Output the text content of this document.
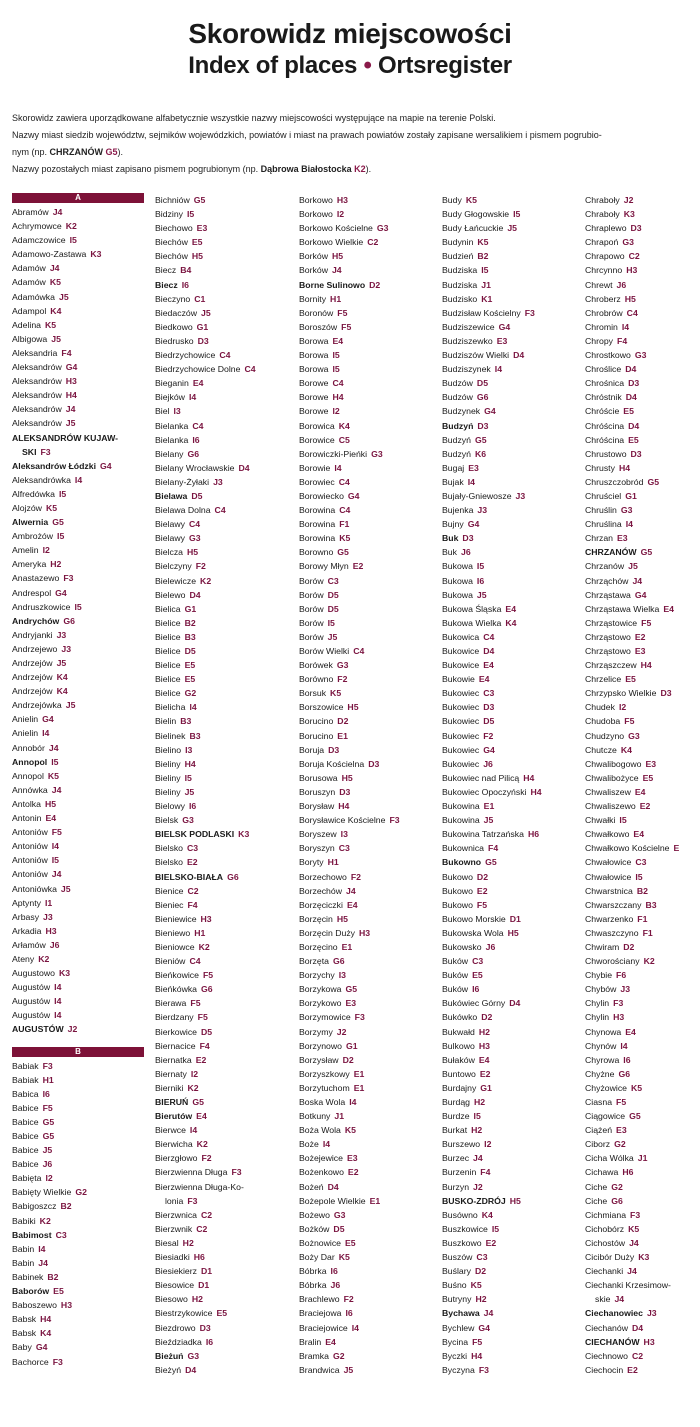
Skorowidz miejscowości
Index of places • Ortsregister
Skorowidz zawiera uporządkowane alfabetycznie wszystkie nazwy miejscowości występujące na mapie na terenie Polski.
Nazwy miast siedzib województw, sejmików wojewódzkich, powiatów i miast na prawach powiatów zostały zapisane wersalikiem i pismem pogrubio-
nym (np. CHRZANÓW G5).
Nazwy pozostałych miast zapisano pismem pogrubionym (np. Dąbrowa Białostocka K2).
A
Abramów J4
Achrymowce K2
Adamczowice I5
Adamowo-Zastawa K3
Adamów J4
Adamów K5
Adamówka J5
Adampol K4
Adelina K5
Albigowa J5
Aleksandria F4
Aleksandrów G4
Aleksandrów H3
Aleksandrów H4
Aleksandrów J4
Aleksandrów J5
ALEKSANDRÓW KUJAW-
SKI F3
Aleksandrów Łódzki G4
Aleksandrówka I4
Alfredówka I5
Alojzów K5
Alwernia G5
Ambrożów I5
Amelin I2
Ameryka H2
Anastazewo F3
Andrespol G4
Andruszkowice I5
Andrychów G6
Andryjanki J3
Andrzejewo J3
Andrzejów J5
Andrzejów K4
Andrzejów K4
Andrzejówka J5
Anielin G4
Anielin I4
Annobór J4
Annopol I5
Annopol K5
Annówka J4
Antolka H5
Antonin E4
Antoniów F5
Antoniów I4
Antoniów I5
Antoniów J4
Antoniówka J5
Aptynty I1
Arbasy J3
Arkadia H3
Arłamów J6
Ateny K2
Augustowo K3
Augustów I4
Augustów I4
Augustów I4
AUGUSTÓW J2
B
Babiak F3
Babiak H1
Babica I6
Babice F5
Babice G5
Babice G5
Babice J5
Babice J6
Babięta I2
Babięty Wielkie G2
Babigoszcz B2
Babiki K2
Babimost C3
Babin I4
Babin J4
Babinek B2
Baborów E5
Baboszewo H3
Babsk H4
Babsk K4
Baby G4
Bachorce F3
Bichniów G5
Bidziny I5
Biechowo E3
Biechów E5
Biechów H5
Biecz B4
Biecz I6
Bieczyno C1
Biedaczów J5
Biedkowo G1
Biedrusko D3
Biedrzychowice C4
Biedrzychowice Dolne C4
Bieganin E4
Biejków I4
Biel I3
Bielanka C4
Bielanka I6
Bielany G6
Bielany Wrocławskie D4
Bielany-Żyłaki J3
Bielawa D5
Bielawa Dolna C4
Bielawy C4
Bielawy G3
Bielcza H5
Bielczyny F2
Bielewicze K2
Bielewo D4
Bielica G1
Bielice B2
Bielice B3
Bielice D5
Bielice E5
Bielice E5
Bielice G2
Bielicha I4
Bielin B3
Bielinek B3
Bielino I3
Bieliny H4
Bieliny I5
Bieliny J5
Bielowy I6
Bielsk G3
BIELSK PODLASKI K3
Bielsko C3
Bielsko E2
BIELSKO-BIAŁA G6
Bienice C2
Bieniec F4
Bieniewice H3
Bieniewo H1
Bieniowce K2
Bieniów C4
Bieńkowice F5
Bieńkówka G6
Bierawa F5
Bierdzany F5
Bierkowice D5
Biernacice F4
Biernatka E2
Biernaty I2
Bierniki K2
BIERUŃ G5
Bierutów E4
Bierwce I4
Bierwicha K2
Bierzgłowo F2
Bierzwienna Długa F3
Bierzwienna Długa-Ko-
lonia F3
Bierzwnica C2
Bierzwnik C2
Biesal H2
Biesiadki H6
Biesiekierz D1
Biesowice D1
Biesowo H2
Biestrzykowice E5
Biezdrowo D3
Bieździadka I6
Bieżuń G3
Bieżyń D4
Borkowo H3
Borkowo I2
Borkowo Kościelne G3
Borkowo Wielkie C2
Borków H5
Borków J4
Borne Sulinowo D2
Bornity H1
Boronów F5
Boroszów F5
Borowa E4
Borowa I5
Borowa I5
Borowe C4
Borowe H4
Borowe I2
Borowica K4
Borowice C5
Borowiczki-Pieńki G3
Borowie I4
Borowiec C4
Borowiecko G4
Borowina C4
Borowina F1
Borowina K5
Borowno G5
Borowy Młyn E2
Borów C3
Borów D5
Borów D5
Borów I5
Borów J5
Borów Wielki C4
Borówek G3
Borówno F2
Borsuk K5
Borszowice H5
Borucino D2
Borucino E1
Boruja D3
Boruja Kościelna D3
Borusowa H5
Boruszyn D3
Borysław H4
Borysławice Kościelne F3
Boryszew I3
Boryszyn C3
Boryty H1
Borzechowo F2
Borzechów J4
Borzęciczki E4
Borzęcin H5
Borzęcin Duży H3
Borzęcino E1
Borzęta G6
Borzychy I3
Borzykowa G5
Borzykowo E3
Borzymowice F3
Borzymy J2
Borzynowo G1
Borzysław D2
Borzyszkowy E1
Borzytuchom E1
Boska Wola I4
Botkuny J1
Boża Wola K5
Boże I4
Bożejewice E3
Bożenkowo E2
Bożeń D4
Bożepole Wielkie E1
Bożewo G3
Bożków D5
Bożnowice E5
Boży Dar K5
Bóbrka I6
Bóbrka J6
Brachlewo F2
Braciejowa I6
Braciejowice I4
Bralin E4
Bramka G2
Brandwica J5
Budy K5
Budy Głogowskie I5
Budy Łańcuckie J5
Budynin K5
Budzień B2
Budziska I5
Budziska J1
Budzisko K1
Budzisław Kościelny F3
Budziszewice G4
Budziszewko E3
Budziszów Wielki D4
Budziszynek I4
Budzów D5
Budzów G6
Budzynek G4
Budzyń D3
Budzyń G5
Budzyń K6
Bugaj E3
Bujak I4
Bujały-Gniewosze J3
Bujenka J3
Bujny G4
Buk D3
Buk J6
Bukowa I5
Bukowa I6
Bukowa J5
Bukowa Śląska E4
Bukowa Wielka K4
Bukowica C4
Bukowice D4
Bukowice E4
Bukowie E4
Bukowiec C3
Bukowiec D3
Bukowiec D5
Bukowiec F2
Bukowiec G4
Bukowiec J6
Bukowiec nad Pilicą H4
Bukowiec Opoczyński H4
Bukowina E1
Bukowina J5
Bukowina Tatrzańska H6
Bukownica F4
Bukowno G5
Bukowo D2
Bukowo E2
Bukowo F5
Bukowo Morskie D1
Bukowska Wola H5
Bukowsko J6
Buków C3
Buków E5
Buków I6
Bukówiec Górny D4
Bukówko D2
Bukwałd H2
Bulkowo H3
Bułaków E4
Buntowo E2
Burdajny G1
Burdąg H2
Burdze I5
Burkat H2
Burszewo I2
Burzec J4
Burzenin F4
Burzyn J2
BUSKO-ZDRÓJ H5
Busówno K4
Buszkowice I5
Buszkowo E2
Buszów C3
Buślary D2
Buśno K5
Butryny H2
Bychawa J4
Bychlew G4
Bycina F5
Byczki H4
Byczyna F3
Chraboły J2
Chraboły K3
Chraplewo D3
Chrapoń G3
Chrapowo C2
Chrcynno H3
Chrewt J6
Chroberz H5
Chrobrów C4
Chromin I4
Chropy F4
Chrostkowo G3
Chroślice D4
Chrośnica D3
Chróstnik D4
Chróście E5
Chróścina D4
Chróścina E5
Chrustowo D3
Chrusty H4
Chruszczobród G5
Chruściel G1
Chruślin G3
Chruślina I4
Chrzan E3
CHRZANÓW G5
Chrzanów J5
Chrząchów J4
Chrząstawa G4
Chrząstawa Wielka E4
Chrząstowice F5
Chrząstowo E2
Chrząstowo E3
Chrząszczew H4
Chrzelice E5
Chrzypsko Wielkie D3
Chudek I2
Chudoba F5
Chudzyno G3
Chutcze K4
Chwalibogowo E3
Chwalibożyce E5
Chwaliszew E4
Chwaliszewo E2
Chwałki I5
Chwałkowo E4
Chwałkowo Kościelne E
Chwałowice C3
Chwałowice I5
Chwarstnica B2
Chwarszczany B3
Chwarzenko F1
Chwaszczyno F1
Chwiram D2
Chworościany K2
Chybie F6
Chybów J3
Chylin F3
Chylin H3
Chynowa E4
Chynów I4
Chyrowa I6
Chyżne G6
Chyżowice K5
Ciasna F5
Ciągowice G5
Ciążeń E3
Ciborz G2
Cicha Wólka J1
Cichawa H6
Ciche G2
Ciche G6
Cichmiana F3
Cichobórz K5
Cichostów J4
Cicibór Duży K3
Ciechanki J4
Ciechanki Krzesimow-
skie J4
Ciechanowiec J3
Ciechanów D4
CIECHANÓW H3
Ciechnowo C2
Ciechocin E2
